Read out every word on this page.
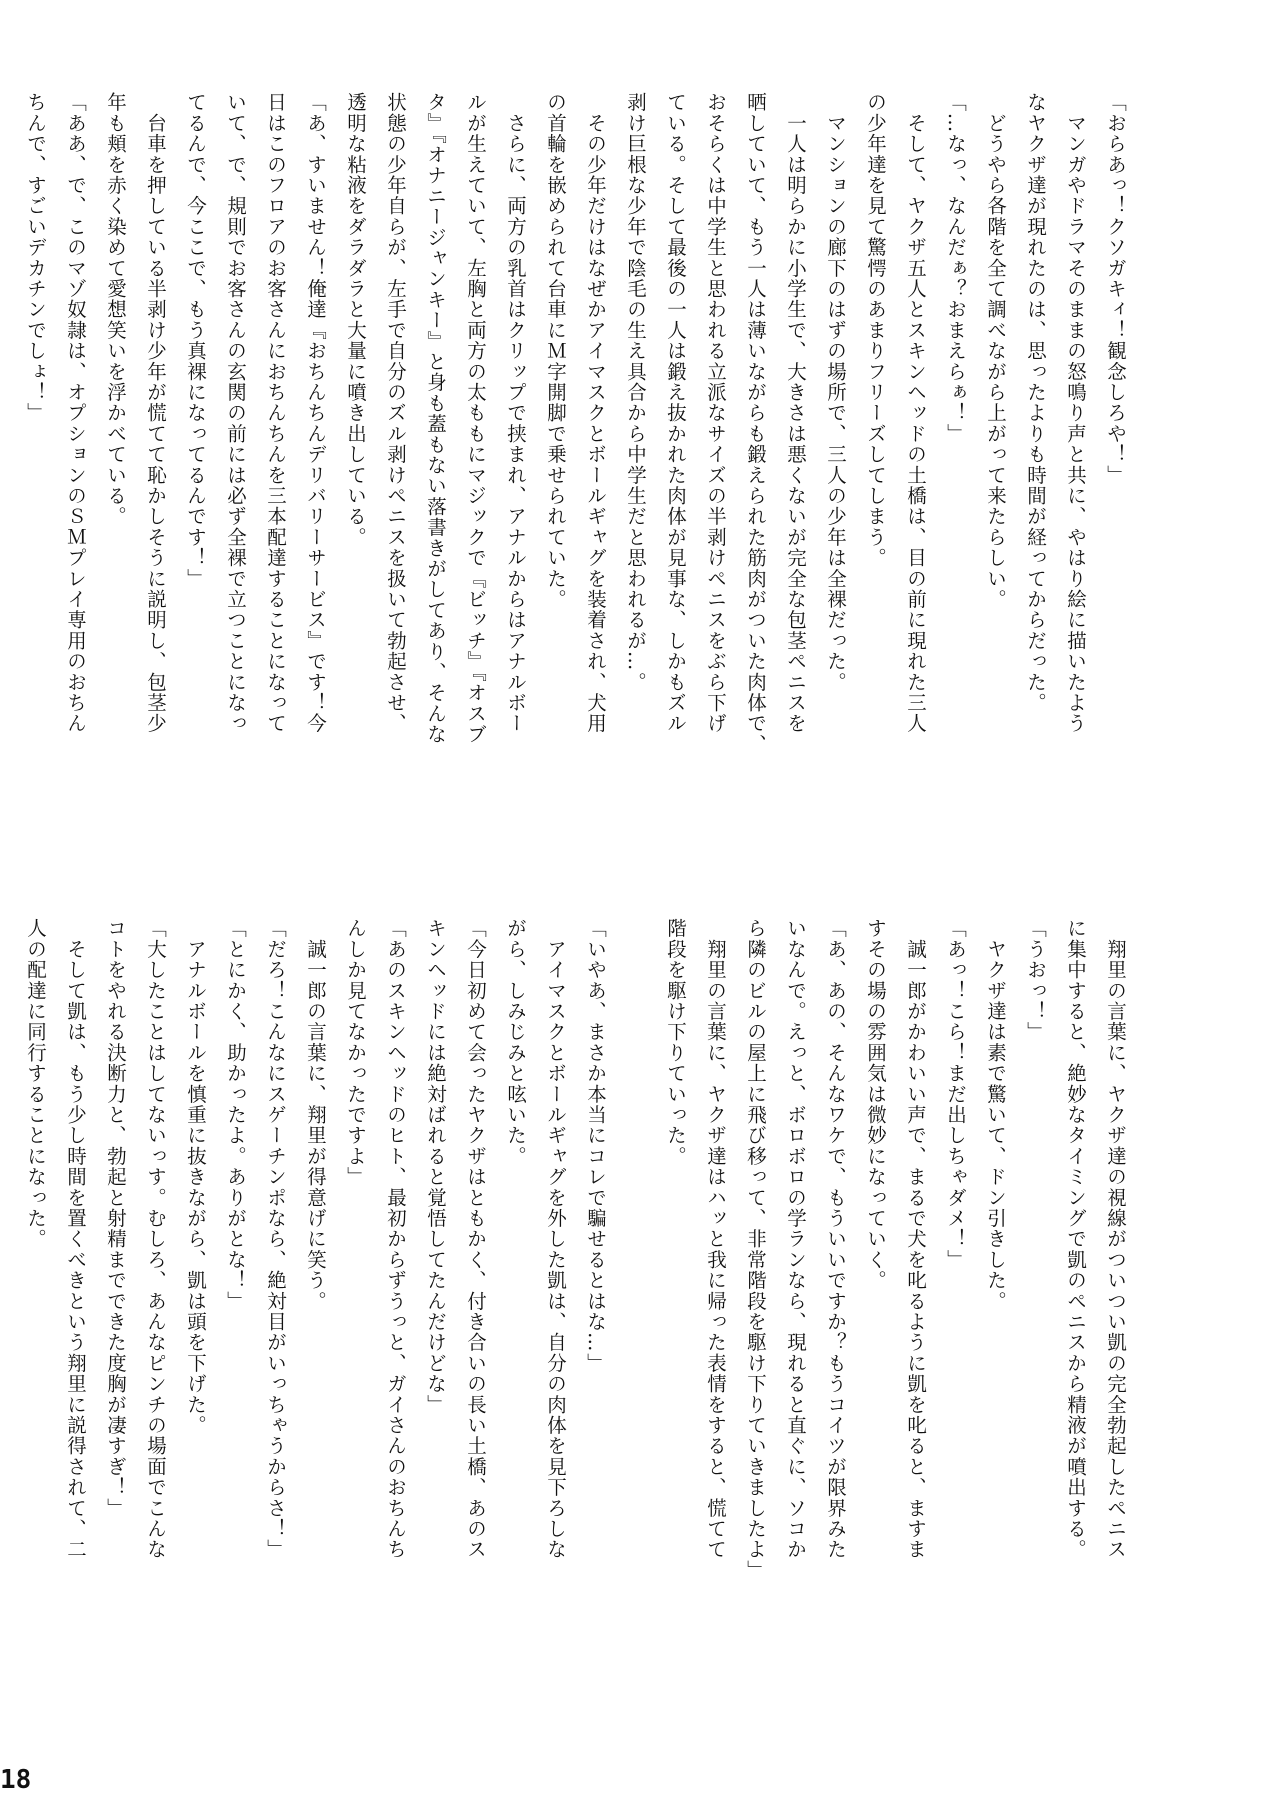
「おらあっ！クソガキィ！観念しろや！」

　マンガやドラマそのままの怒鳴り声と共に、やはり絵に描いたよう

なヤクザ達が現れたのは、思ったよりも時間が経ってからだった。

　どうやら各階を全て調べながら上がって来たらしい。

「…なっ、なんだぁ？おまえらぁ！」

　そして、ヤクザ五人とスキンヘッドの土橋は、目の前に現れた三人

の少年達を見て驚愕のあまりフリーズしてしまう。

　マンションの廊下のはずの場所で、三人の少年は全裸だった。

　一人は明らかに小学生で、大きさは悪くないが完全な包茎ペニスを

晒していて、もう一人は薄いながらも鍛えられた筋肉がついた肉体で、

おそらくは中学生と思われる立派なサイズの半剥けペニスをぶら下げ

ている。そして最後の一人は鍛え抜かれた肉体が見事な、しかもズル

剥け巨根な少年で陰毛の生え具合から中学生だと思われるが…。

　その少年だけはなぜかアイマスクとボールギャグを装着され、犬用

の首輪を嵌められて台車にＭ字開脚で乗せられていた。

　さらに、両方の乳首はクリップで挟まれ、アナルからはアナルボー

ルが生えていて、左胸と両方の太ももにマジックで『ビッチ』『オスブ

タ』『オナニージャンキー』と身も蓋もない落書きがしてあり、そんな

状態の少年自らが、左手で自分のズル剥けペニスを扱いて勃起させ、

透明な粘液をダラダラと大量に噴き出している。

「あ、すいません！俺達『おちんちんデリバリーサービス』です！今

日はこのフロアのお客さんにおちんちんを三本配達することになって

いて、で、規則でお客さんの玄関の前には必ず全裸で立つことになっ

てるんで、今ここで、もう真裸になってるんです！」

　台車を押している半剥け少年が慌てて恥かしそうに説明し、包茎少

年も頬を赤く染めて愛想笑いを浮かべている。

「ああ、で、このマゾ奴隷は、オプションのＳＭプレイ専用のおちん

ちんで、すごいデカチンでしょ！」

　翔里の言葉に、ヤクザ達の視線がついつい凱の完全勃起したペニス

に集中すると、絶妙なタイミングで凱のペニスから精液が噴出する。

「うおっ！」

　ヤクザ達は素で驚いて、ドン引きした。

「あっ！こら！まだ出しちゃダメ！」

　誠一郎がかわいい声で、まるで犬を叱るように凱を叱ると、ますま

すその場の雰囲気は微妙になっていく。

「あ、あの、そんなワケで、もういいですか？もうコイツが限界みた

いなんで。えっと、ボロボロの学ランなら、現れると直ぐに、ソコか

ら隣のビルの屋上に飛び移って、非常階段を駆け下りていきましたよ」

　翔里の言葉に、ヤクザ達はハッと我に帰った表情をすると、慌てて

階段を駆け下りていった。

「いやあ、まさか本当にコレで騙せるとはな…」

　アイマスクとボールギャグを外した凱は、自分の肉体を見下ろしな

がら、しみじみと呟いた。

「今日初めて会ったヤクザはともかく、付き合いの長い土橋、あのス

キンヘッドには絶対ばれると覚悟してたんだけどな」

「あのスキンヘッドのヒト、最初からずうっと、ガイさんのおちんち

んしか見てなかったですよ」

　誠一郎の言葉に、翔里が得意げに笑う。

「だろ！こんなにスゲーチンポなら、絶対目がいっちゃうからさ！」

「とにかく、助かったよ。ありがとな！」

　アナルボールを慎重に抜きながら、凱は頭を下げた。

「大したことはしてないっす。むしろ、あんなピンチの場面でこんな

コトをやれる決断力と、勃起と射精までできた度胸が凄すぎ！」

　そして凱は、もう少し時間を置くべきという翔里に説得されて、二

人の配達に同行することになった。

18
